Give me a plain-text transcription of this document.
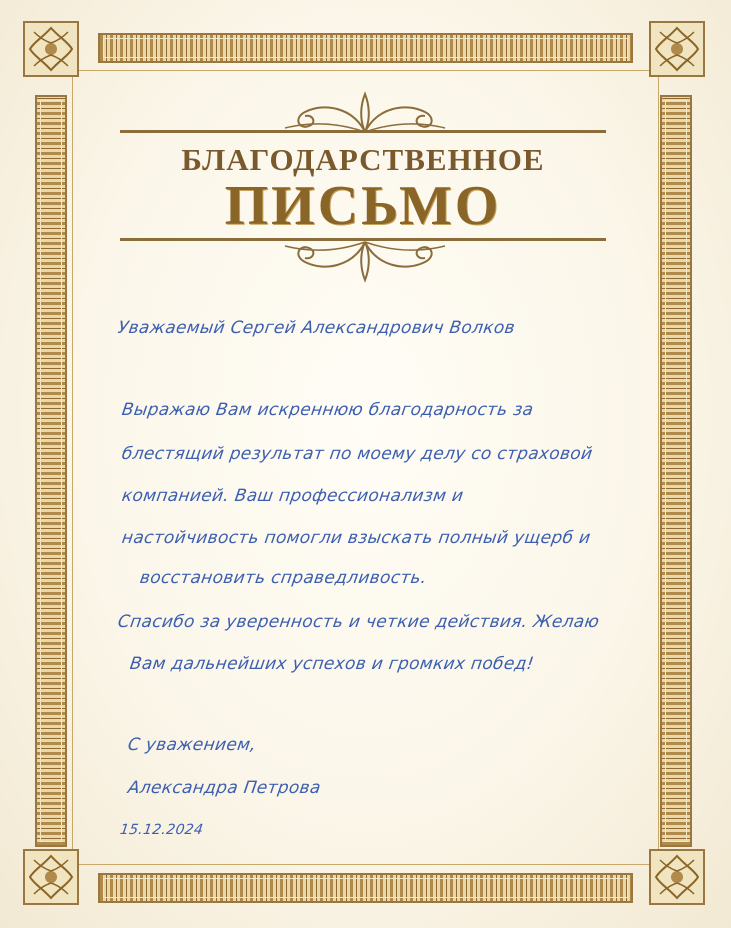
БЛАГОДАРСТВЕННОЕ
ПИСЬМО
Уважаемый Сергей Александрович Волков
Выражаю Вам искреннюю благодарность за
блестящий результат по моему делу со страховой
компанией. Ваш профессионализм и
настойчивость помогли взыскать полный ущерб и
восстановить справедливость.
Спасибо за уверенность и четкие действия. Желаю
Вам дальнейших успехов и громких побед!
С уважением,
Александра Петрова
15.12.2024
